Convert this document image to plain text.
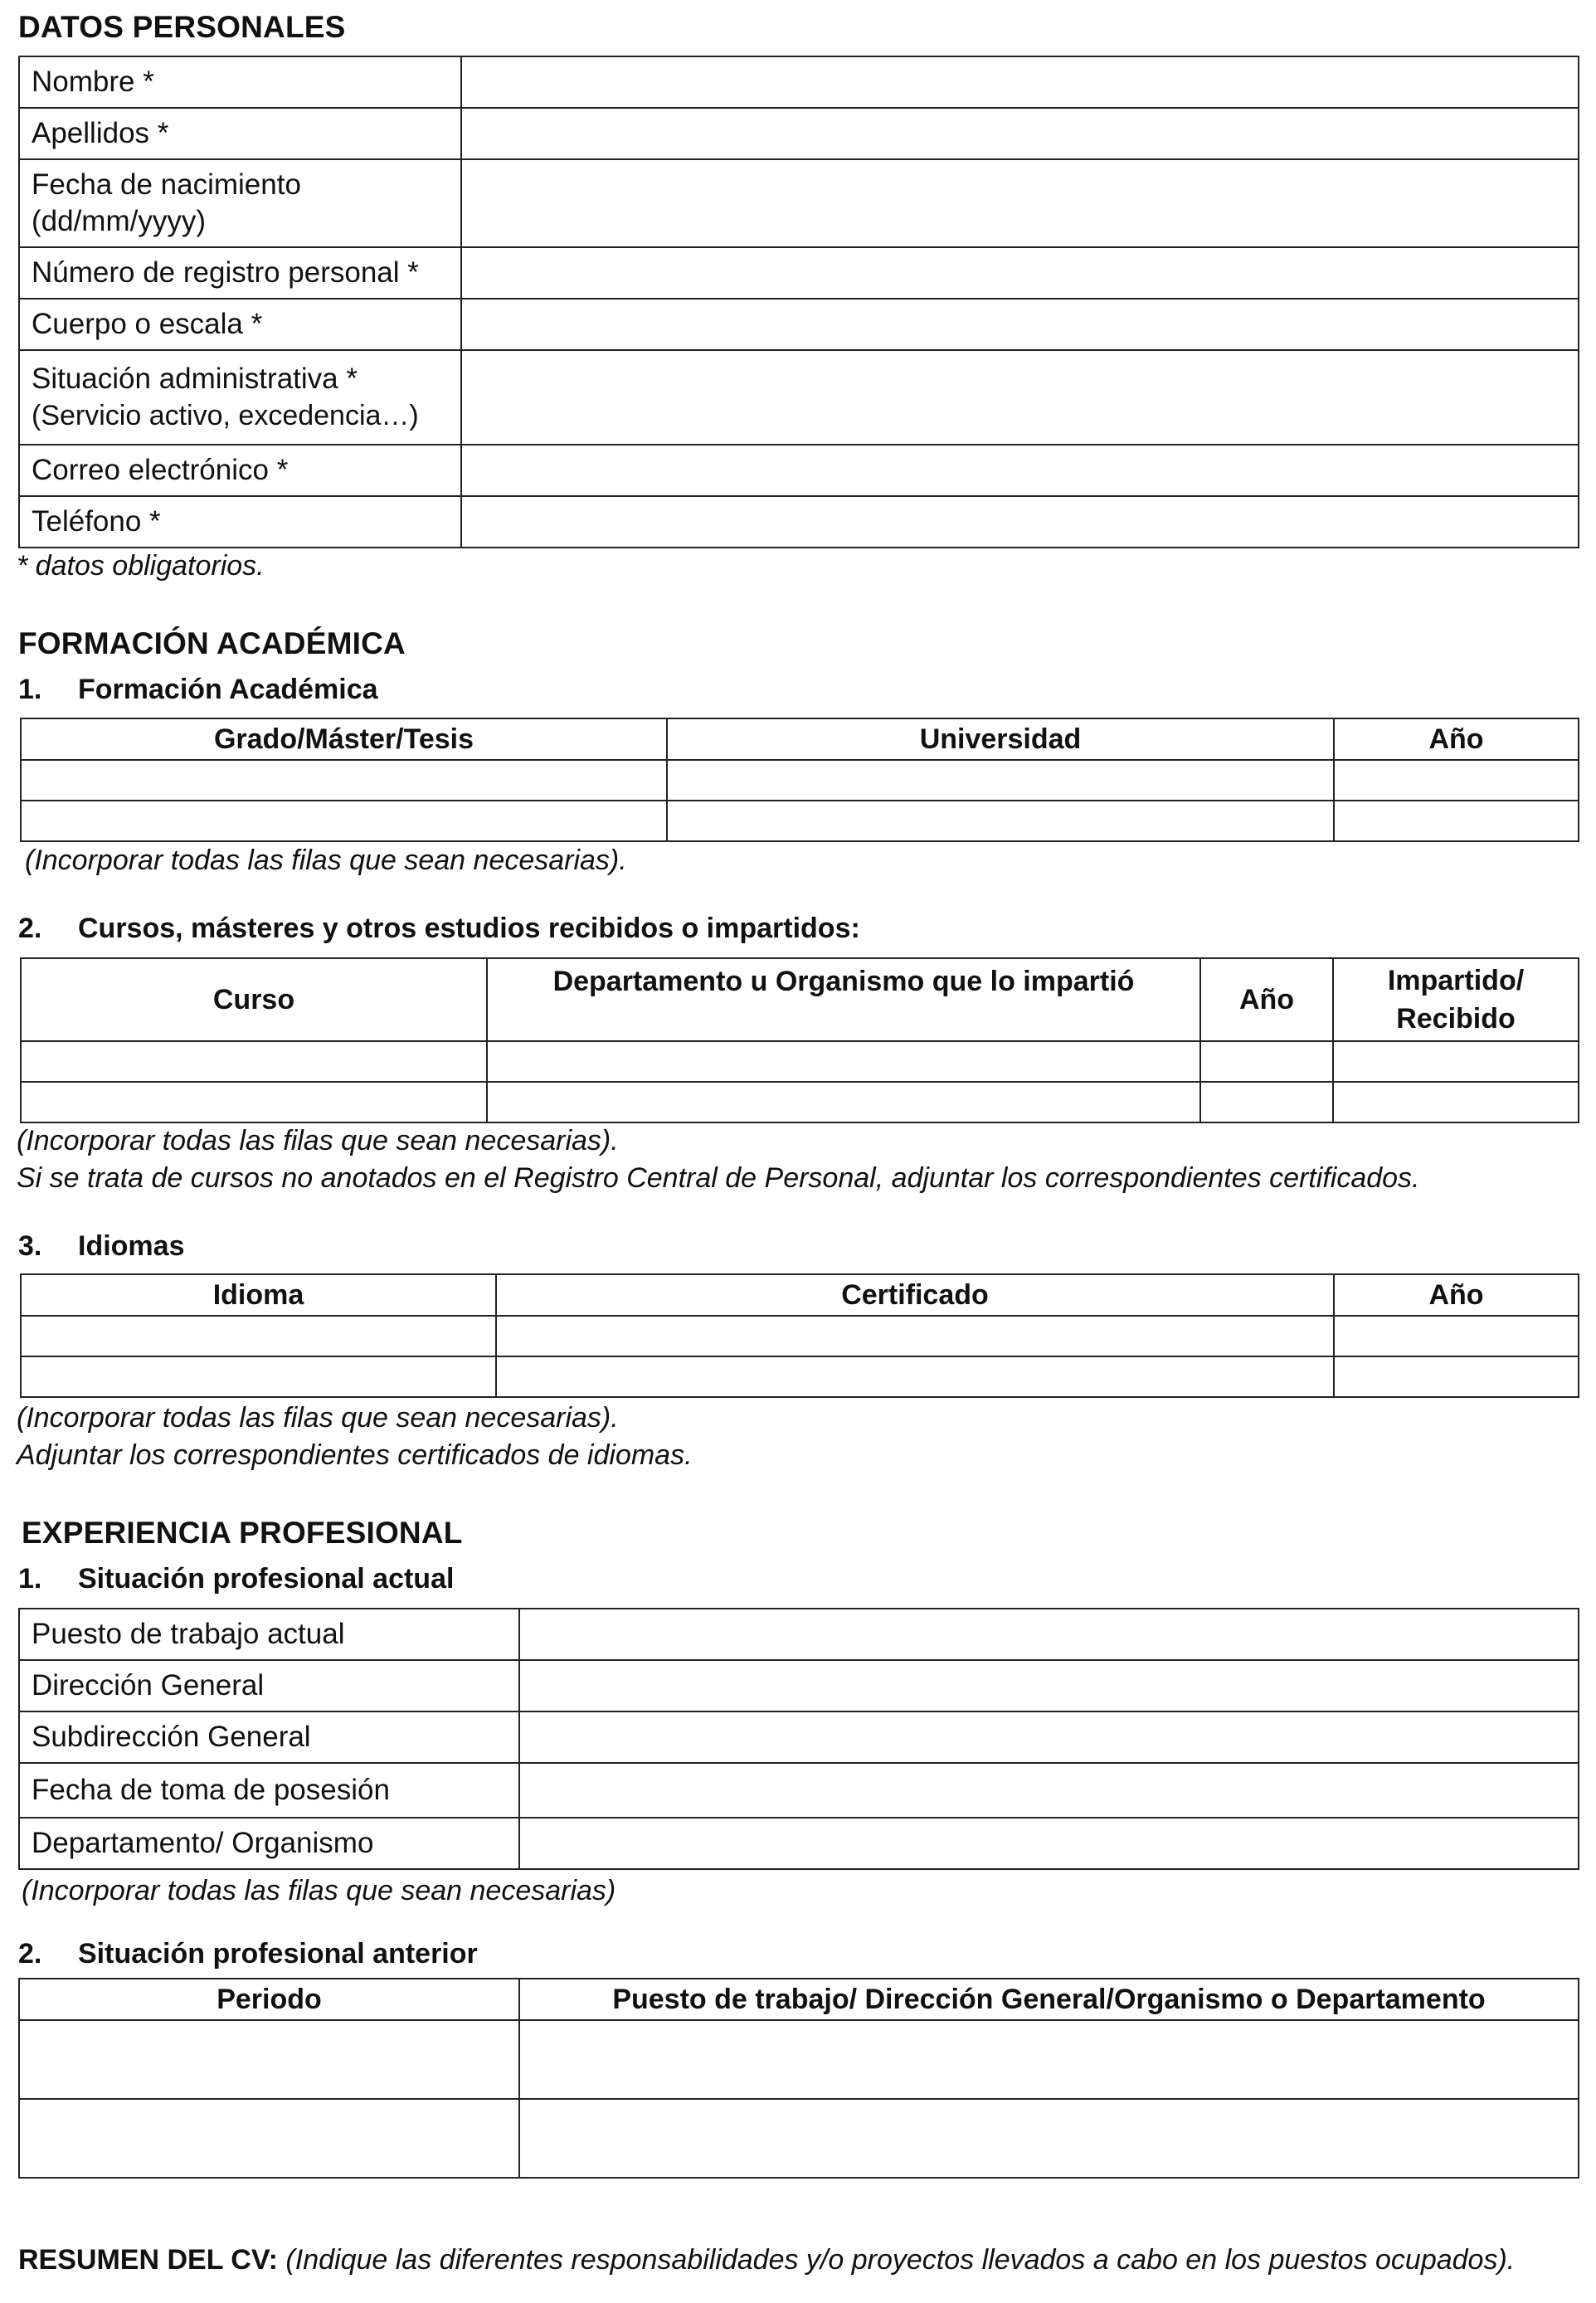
DATOS PERSONALES
Nombre *	
Apellidos *	

Fecha de nacimiento
(dd/mm/yyyy)	

Número de registro personal *	
Cuerpo o escala *	

Situación administrativa *
(Servicio activo, excedencia…)	

Correo electrónico *	
Teléfono *	
* datos obligatorios.
FORMACIÓN ACADÉMICA
1. Formación Académica
Grado/Máster/Tesis	Universidad	Año

(Incorporar todas las filas que sean necesarias).
2. Cursos, másteres y otros estudios recibidos o impartidos:
Curso	Departamento u Organismo que lo impartió	Año	Impartido/
Recibido

(Incorporar todas las filas que sean necesarias).
Si se trata de cursos no anotados en el Registro Central de Personal, adjuntar los correspondientes certificados.
3. Idiomas
Idioma	Certificado	Año

(Incorporar todas las filas que sean necesarias).
Adjuntar los correspondientes certificados de idiomas.
EXPERIENCIA PROFESIONAL
1. Situación profesional actual
Puesto de trabajo actual	
Dirección General	
Subdirección General	
Fecha de toma de posesión	
Departamento/ Organismo	
(Incorporar todas las filas que sean necesarias)
2. Situación profesional anterior
Periodo	Puesto de trabajo/ Dirección General/Organismo o Departamento

RESUMEN DEL CV: (Indique las diferentes responsabilidades y/o proyectos llevados a cabo en los puestos ocupados).
